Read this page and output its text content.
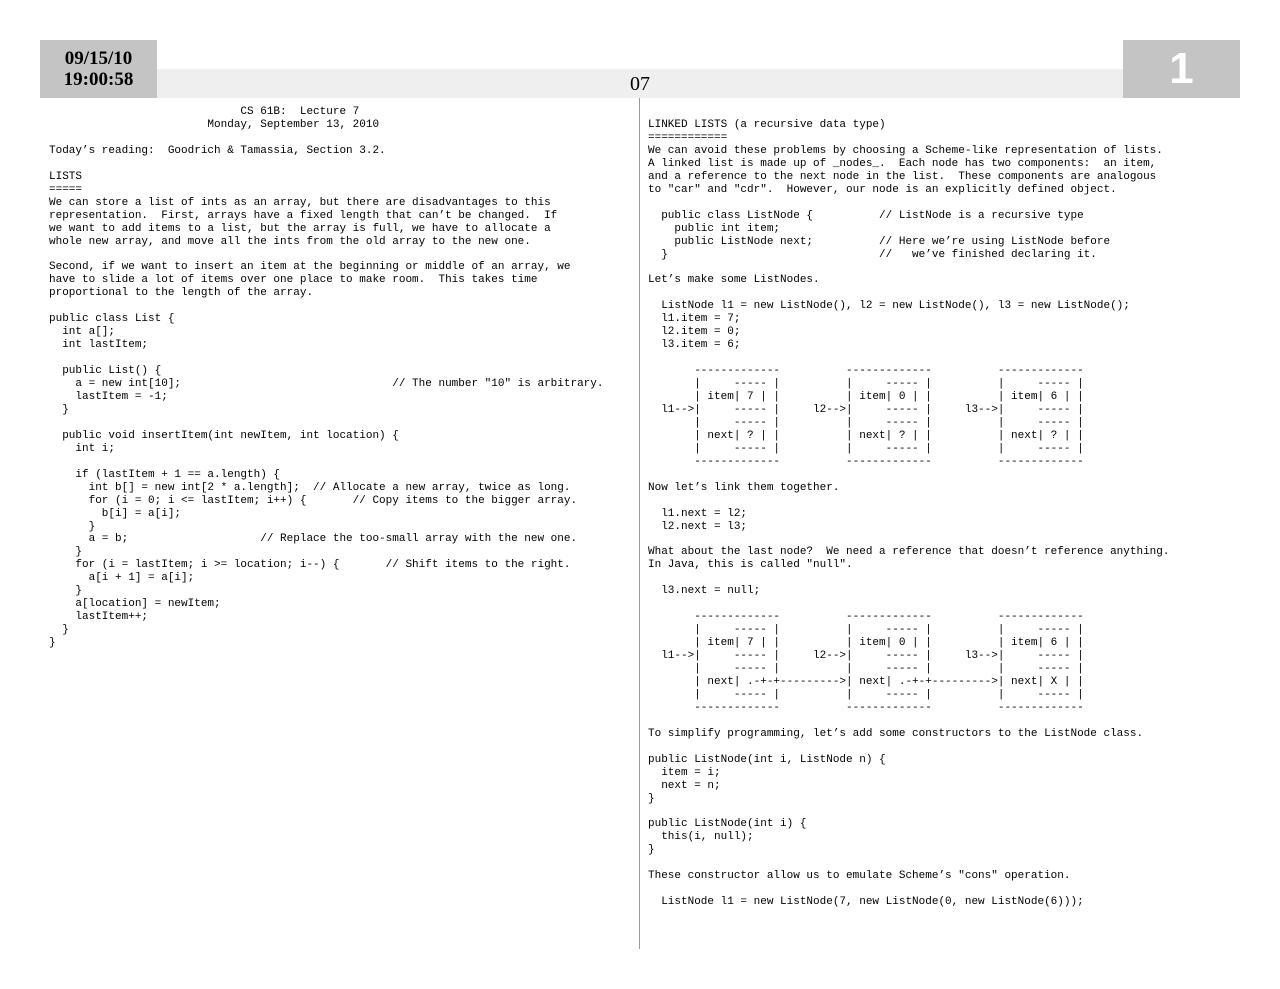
09/15/10
19:00:58	07	1
CS 61B:  Lecture 7
Monday, September 13, 2010

Today’s reading:  Goodrich & Tamassia, Section 3.2.

LISTS
=====
We can store a list of ints as an array, but there are disadvantages to this
representation.  First, arrays have a fixed length that can’t be changed.  If
we want to add items to a list, but the array is full, we have to allocate a
whole new array, and move all the ints from the old array to the new one.

Second, if we want to insert an item at the beginning or middle of an array, we
have to slide a lot of items over one place to make room.  This takes time
proportional to the length of the array.

public class List {
int a[];
int lastItem;

public List() {
a = new int[10];                                // The number "10" is arbitrary.
lastItem = -1;
}

public void insertItem(int newItem, int location) {
int i;

if (lastItem + 1 == a.length) {
int b[] = new int[2 * a.length];  // Allocate a new array, twice as long.
for (i = 0; i <= lastItem; i++) {       // Copy items to the bigger array.
b[i] = a[i];
}
a = b;                    // Replace the too-small array with the new one.
}
for (i = lastItem; i >= location; i--) {       // Shift items to the right.
a[i + 1] = a[i];
}
a[location] = newItem;
lastItem++;
}
}
LINKED LISTS (a recursive data type)
============
We can avoid these problems by choosing a Scheme-like representation of lists.
A linked list is made up of _nodes_.  Each node has two components:  an item,
and a reference to the next node in the list.  These components are analogous
to "car" and "cdr".  However, our node is an explicitly defined object.

public class ListNode {          // ListNode is a recursive type
public int item;
public ListNode next;          // Here we’re using ListNode before
}                                //   we’ve finished declaring it.

Let’s make some ListNodes.

ListNode l1 = new ListNode(), l2 = new ListNode(), l3 = new ListNode();
l1.item = 7;
l2.item = 0;
l3.item = 6;

-------------          -------------          -------------
|     ----- |          |     ----- |          |     ----- |
| item| 7 | |          | item| 0 | |          | item| 6 | |
l1-->|     ----- |     l2-->|     ----- |     l3-->|     ----- |
|     ----- |          |     ----- |          |     ----- |
| next| ? | |          | next| ? | |          | next| ? | |
|     ----- |          |     ----- |          |     ----- |
-------------          -------------          -------------

Now let’s link them together.

l1.next = l2;
l2.next = l3;

What about the last node?  We need a reference that doesn’t reference anything.
In Java, this is called "null".

l3.next = null;

-------------          -------------          -------------
|     ----- |          |     ----- |          |     ----- |
| item| 7 | |          | item| 0 | |          | item| 6 | |
l1-->|     ----- |     l2-->|     ----- |     l3-->|     ----- |
|     ----- |          |     ----- |          |     ----- |
| next| .-+-+--------->| next| .-+-+--------->| next| X | |
|     ----- |          |     ----- |          |     ----- |
-------------          -------------          -------------

To simplify programming, let’s add some constructors to the ListNode class.

public ListNode(int i, ListNode n) {
item = i;
next = n;
}

public ListNode(int i) {
this(i, null);
}

These constructor allow us to emulate Scheme’s "cons" operation.

ListNode l1 = new ListNode(7, new ListNode(0, new ListNode(6)));
